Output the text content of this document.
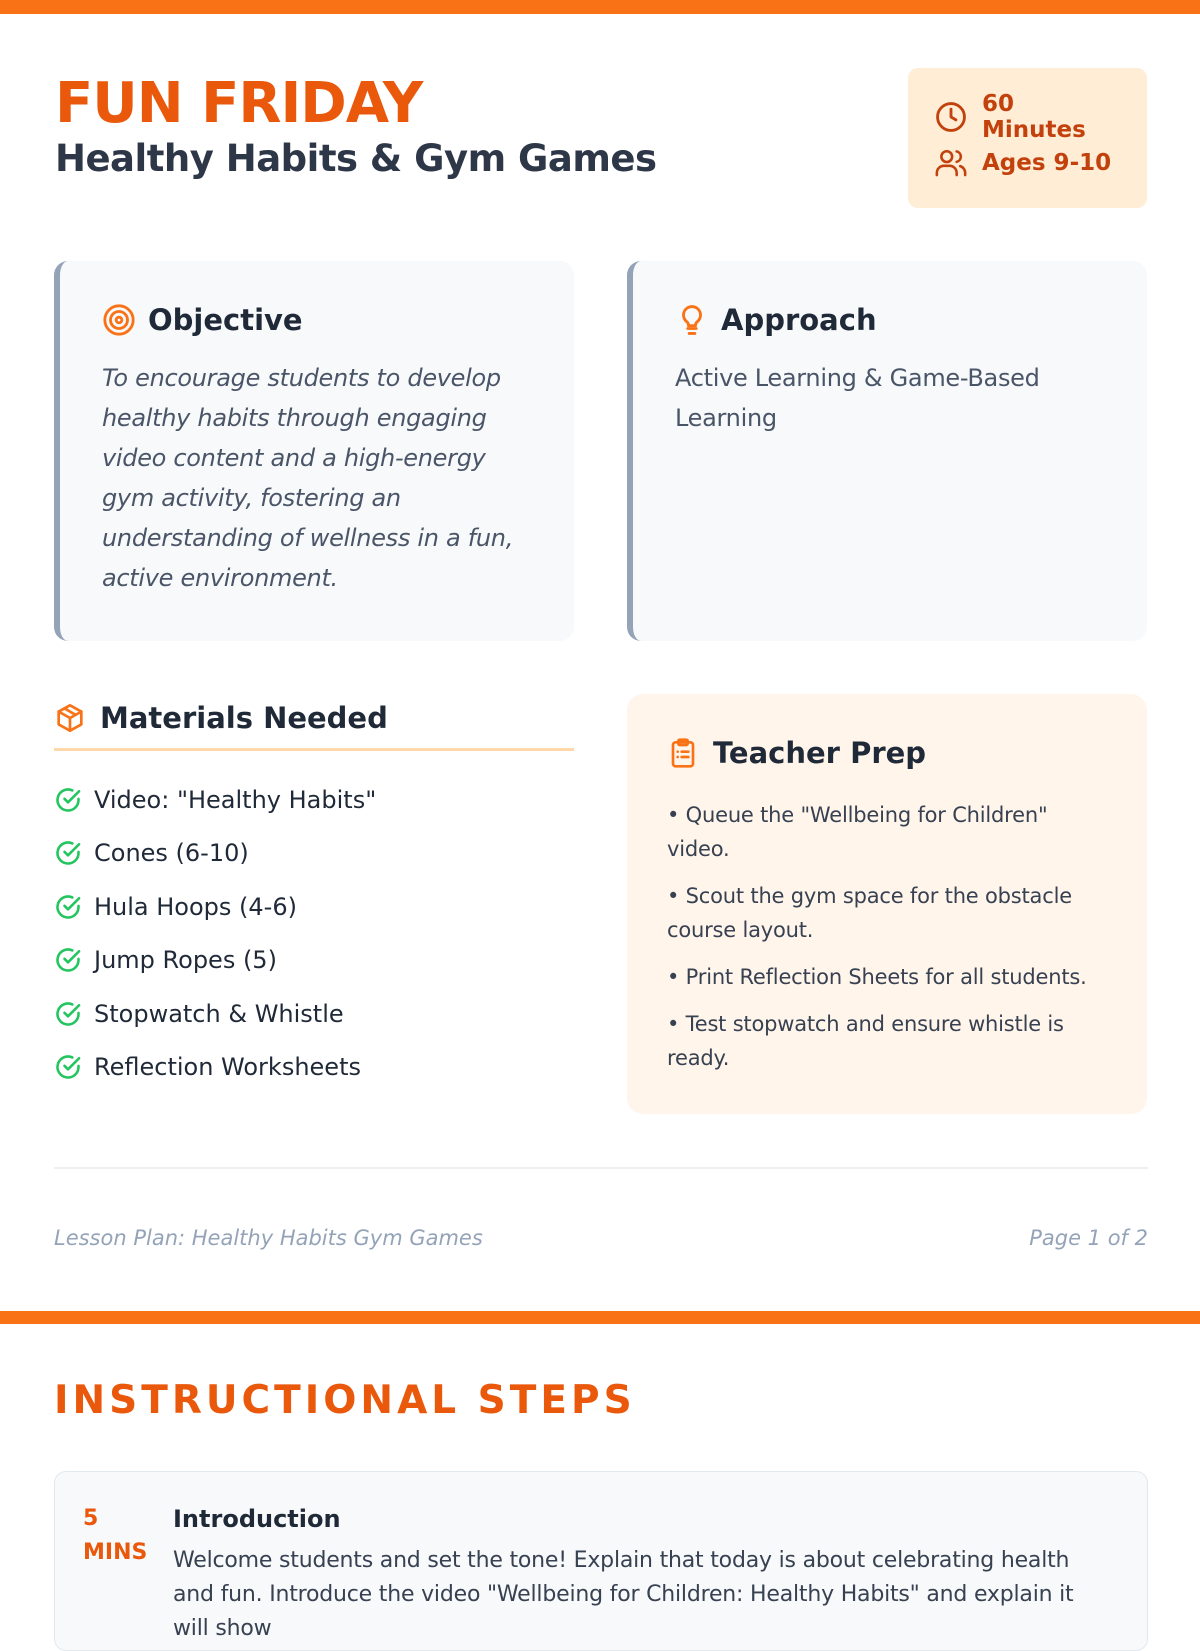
FUN FRIDAY
Healthy Habits & Gym Games
60 Minutes
Ages 9-10
Objective
To encourage students to develop healthy habits through engaging video content and a high-energy gym activity, fostering an understanding of wellness in a fun, active environment.
Approach
Active Learning & Game-Based Learning
Materials Needed
Video: "Healthy Habits"
Cones (6-10)
Hula Hoops (4-6)
Jump Ropes (5)
Stopwatch & Whistle
Reflection Worksheets
Teacher Prep
• Queue the "Wellbeing for Children" video.
• Scout the gym space for the obstacle course layout.
• Print Reflection Sheets for all students.
• Test stopwatch and ensure whistle is ready.
Lesson Plan: Healthy Habits Gym Games	Page 1 of 2
INSTRUCTIONAL STEPS
5
MINS
Introduction
Welcome students and set the tone! Explain that today is about celebrating health and fun. Introduce the video "Wellbeing for Children: Healthy Habits" and explain it will show
